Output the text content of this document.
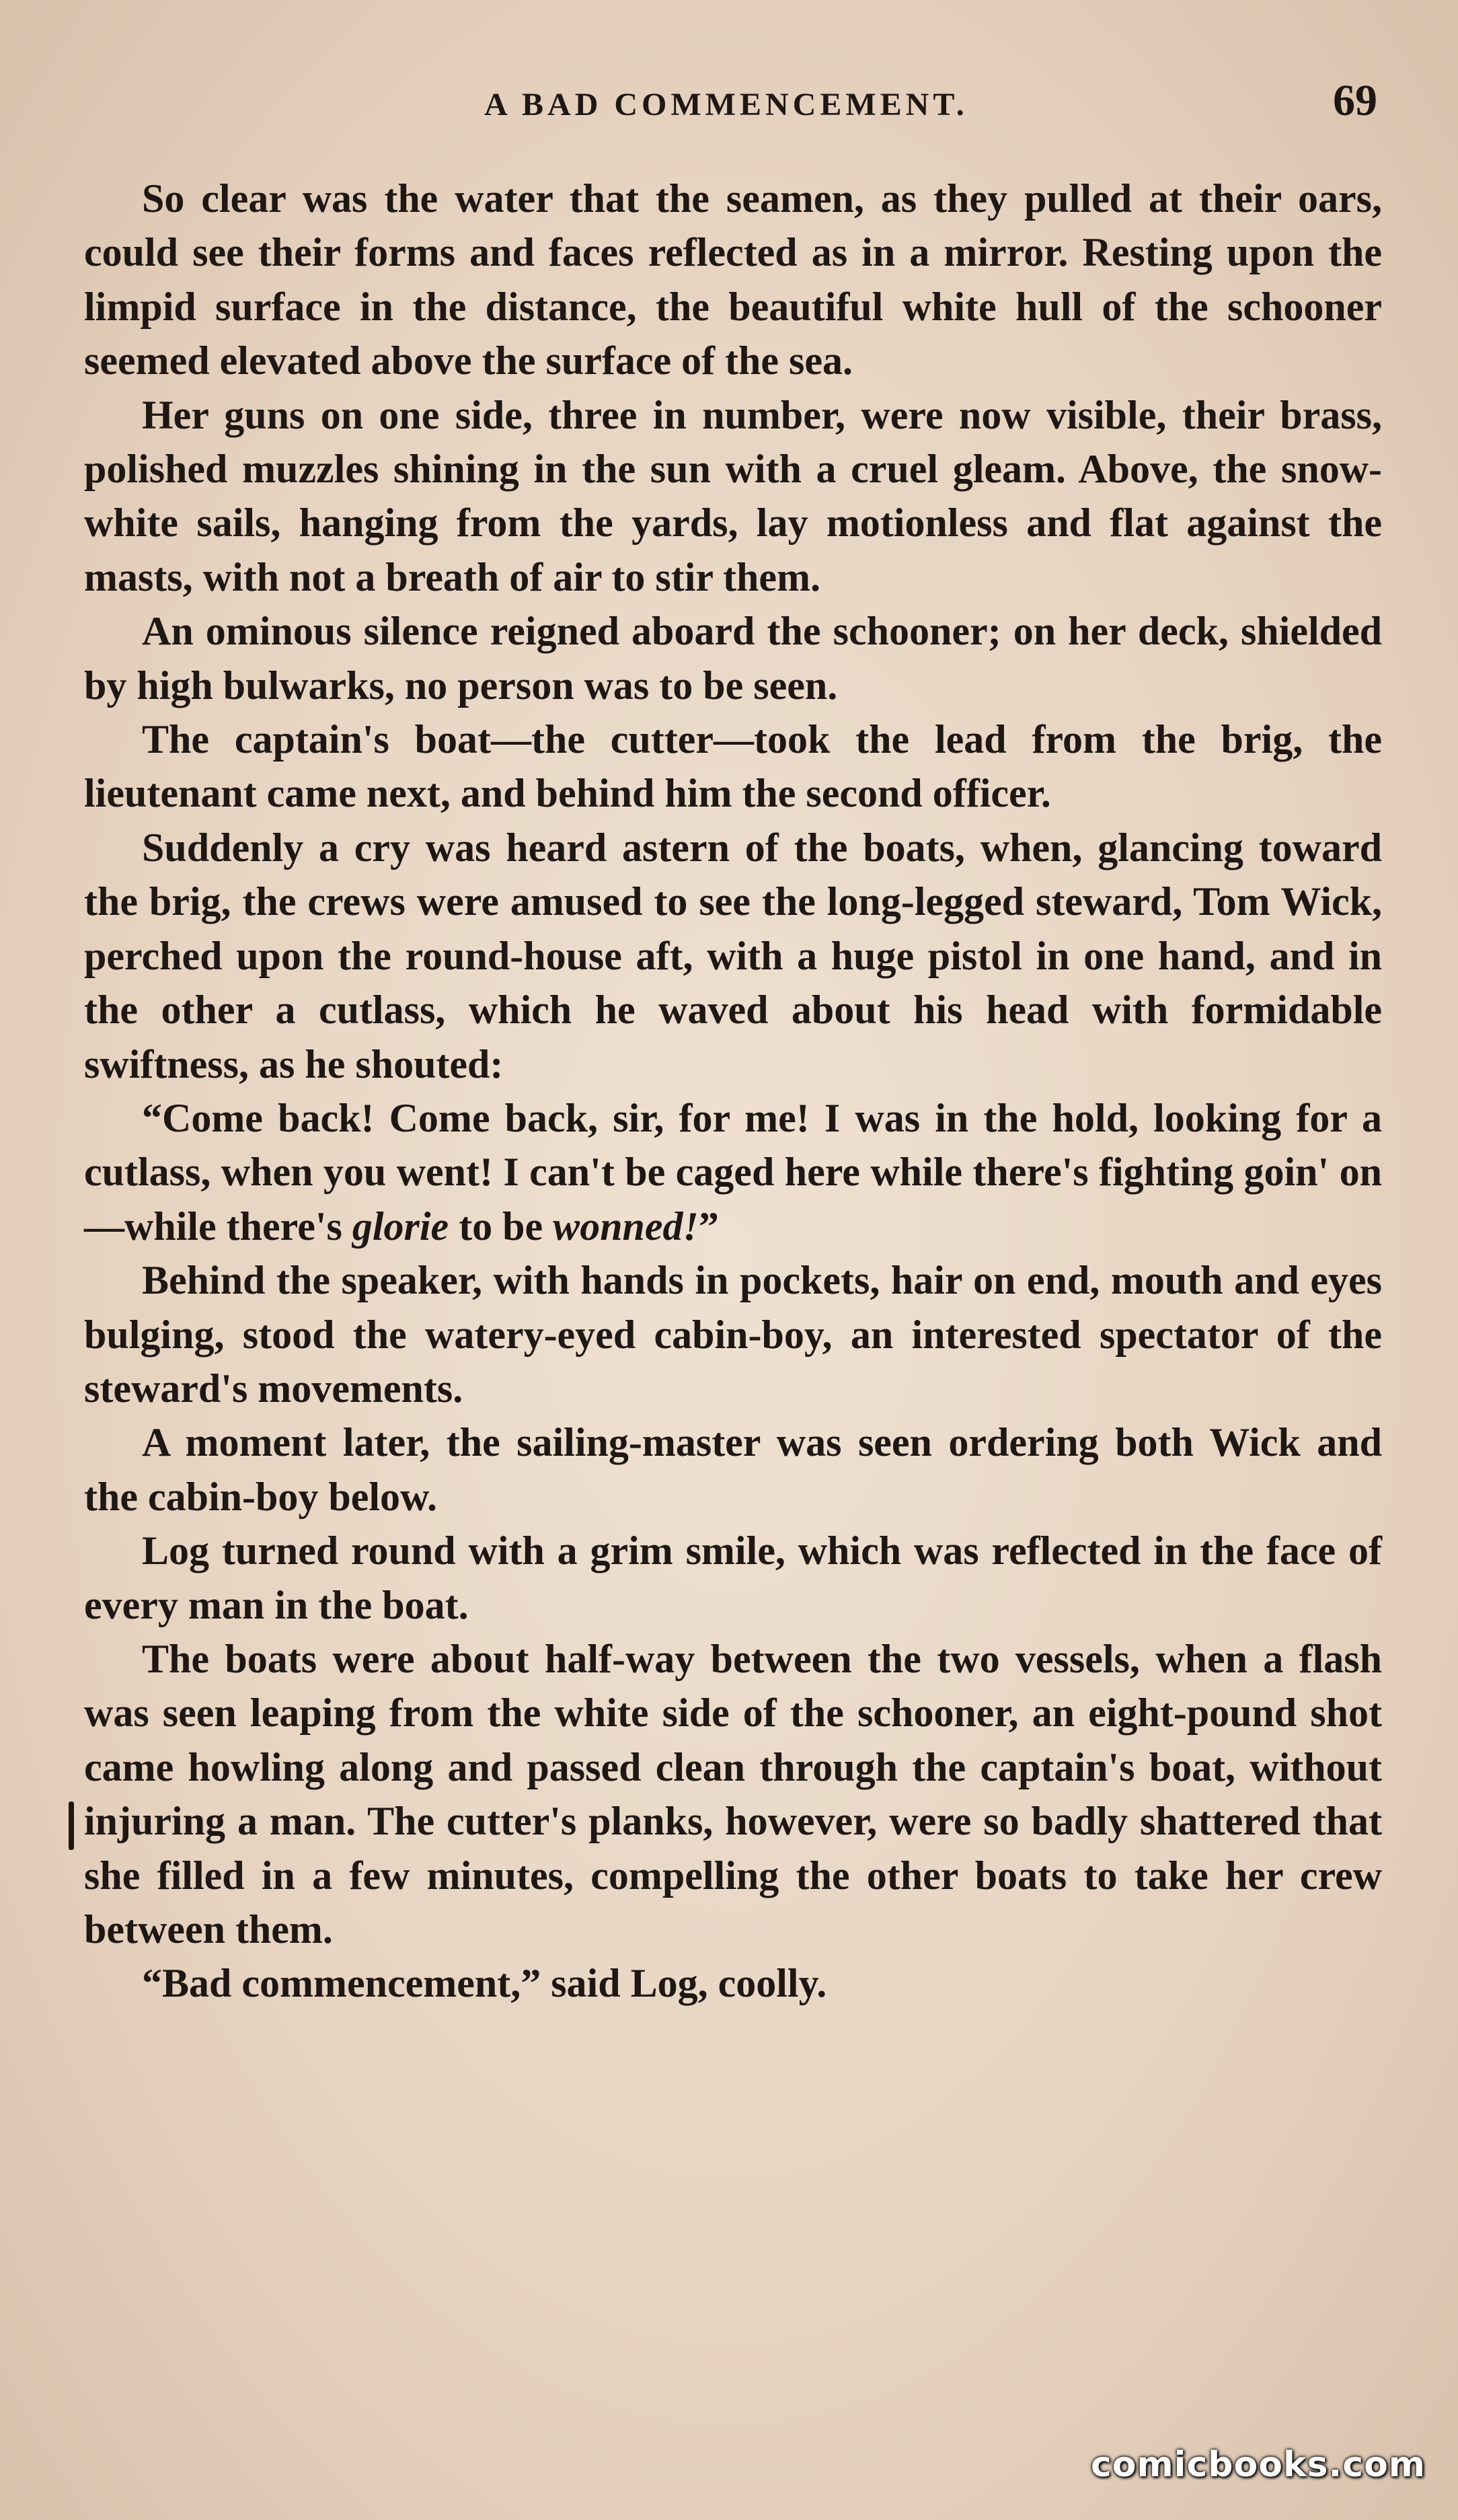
A BAD COMMENCEMENT.	69

So clear was the water that the seamen, as they pulled at their oars, could see their forms and faces reflected as in a mirror. Resting upon the limpid surface in the distance, the beautiful white hull of the schooner seemed elevated above the surface of the sea.

Her guns on one side, three in number, were now visible, their brass, polished muzzles shining in the sun with a cruel gleam. Above, the snow-white sails, hanging from the yards, lay motionless and flat against the masts, with not a breath of air to stir them.

An ominous silence reigned aboard the schooner; on her deck, shielded by high bulwarks, no person was to be seen.

The captain's boat—the cutter—took the lead from the brig, the lieutenant came next, and behind him the second officer.

Suddenly a cry was heard astern of the boats, when, glancing toward the brig, the crews were amused to see the long-legged steward, Tom Wick, perched upon the round-house aft, with a huge pistol in one hand, and in the other a cutlass, which he waved about his head with formidable swiftness, as he shouted:

“Come back! Come back, sir, for me! I was in the hold, looking for a cutlass, when you went! I can't be caged here while there's fighting goin' on—while there's glorie to be wonned!”

Behind the speaker, with hands in pockets, hair on end, mouth and eyes bulging, stood the watery-eyed cabin-boy, an interested spectator of the steward's movements.

A moment later, the sailing-master was seen ordering both Wick and the cabin-boy below.

Log turned round with a grim smile, which was reflected in the face of every man in the boat.

The boats were about half-way between the two vessels, when a flash was seen leaping from the white side of the schooner, an eight-pound shot came howling along and passed clean through the captain's boat, without injuring a man. The cutter's planks, however, were so badly shattered that she filled in a few minutes, compelling the other boats to take her crew between them.

“Bad commencement,” said Log, coolly.

comicbooks.com
